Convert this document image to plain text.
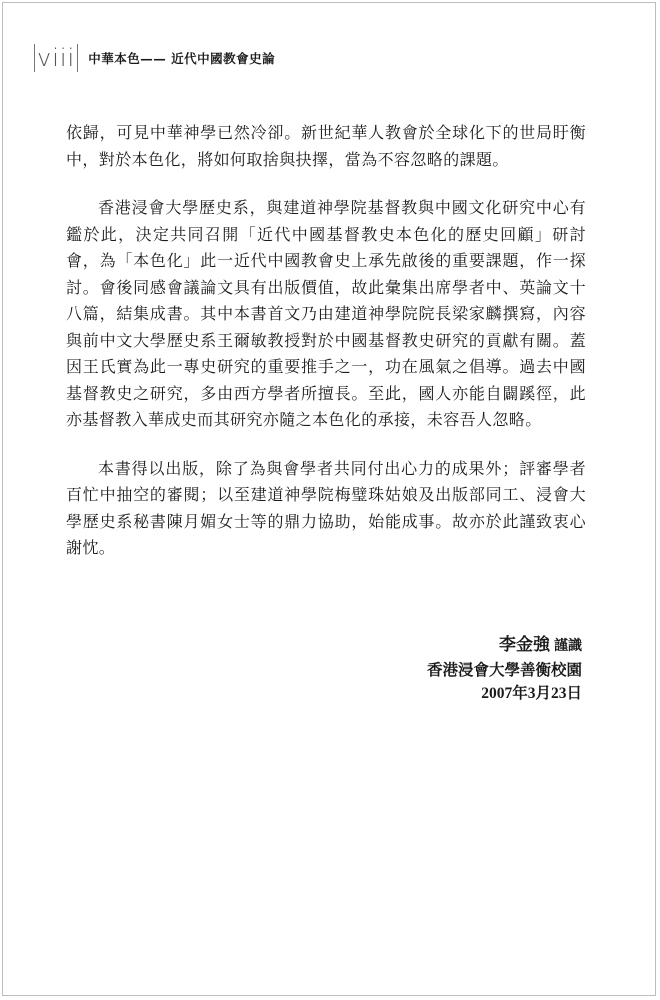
viii 中華本色—— 近代中國教會史論

依歸，可見中華神學已然冷卻。新世紀華人教會於全球化下的世局盱衡中，對於本色化，將如何取捨與抉擇，當為不容忽略的課題。

香港浸會大學歷史系，與建道神學院基督教與中國文化研究中心有鑑於此，決定共同召開「近代中國基督教史本色化的歷史回顧」研討會，為「本色化」此一近代中國教會史上承先啟後的重要課題，作一探討。會後同感會議論文具有出版價值，故此彙集出席學者中、英論文十八篇，結集成書。其中本書首文乃由建道神學院院長梁家麟撰寫，內容與前中文大學歷史系王爾敏教授對於中國基督教史研究的貢獻有關。蓋因王氏實為此一專史研究的重要推手之一，功在風氣之倡導。過去中國基督教史之研究，多由西方學者所擅長。至此，國人亦能自闢蹊徑，此亦基督教入華成史而其研究亦隨之本色化的承接，未容吾人忽略。

本書得以出版，除了為與會學者共同付出心力的成果外；評審學者百忙中抽空的審閱；以至建道神學院梅璧珠姑娘及出版部同工、浸會大學歷史系秘書陳月媚女士等的鼎力協助，始能成事。故亦於此謹致衷心謝忱。

李金強 謹識
香港浸會大學善衡校園
2007年3月23日
